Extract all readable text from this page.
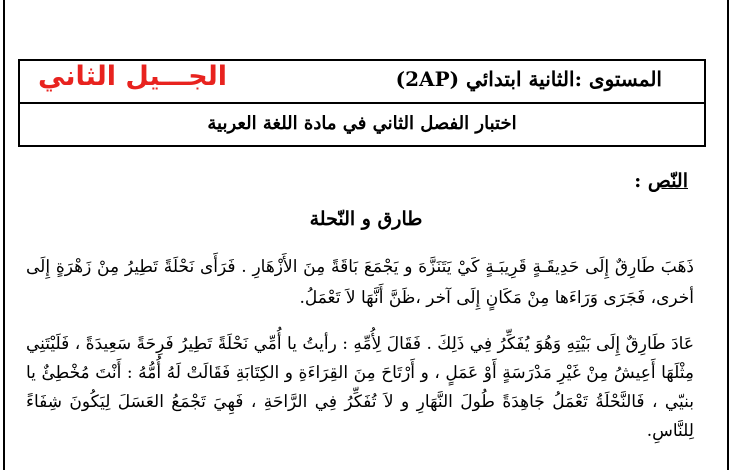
المستوى :الثانية ابتدائي (2AP)
الجـــيل الثاني
اختبار الفصل الثاني في مادة اللغة العربية
النّص :
طارق و النّحلة
ذَهَبَ طَارِقٌ إِلَى حَدِيقَـةٍ قَرِيبَـةٍ كَيْ يَتَنَزَّهَ و يَجْمَعَ بَاقَةً مِنَ الأَزْهَارِ . فَرَأَى نَحْلَةً تَطِيرُ مِنْ زَهْرَةٍ إِلَى أخرى، فَجَرَى وَرَاءَها مِنْ مَكَانٍ إِلَى آخر ،ظَنَّ أَنَّهَا لاَ تَعْمَلُ.
عَادَ طَارِقٌ إِلَى بَيْتِهِ وَهُوَ يُفَكِّرُ فِي ذَلِكَ . فَقَالَ لِأُمِّهِ : رأيتُ يا أُمِّي نَحْلَةً تَطِيرُ فَرِحَةً سَعِيدَةً ، فَلَيْتَنِي مِثْلَهَا أَعِيشُ مِنْ غَيْرِ مَدْرَسَةٍ أَوْ عَمَلٍ ، و أَرْتَاحَ مِنَ القِرَاءَةِ و الكِتَابَةِ فَقَالَتْ لَهُ أُمُّهُ : أَنْتَ مُخْطِئٌ يا بنيّي ، فَالنَّحْلَةُ تَعْمَلُ جَاهِدَةً طُولَ النَّهَارِ و لاَ تُفَكِّرُ فِي الرَّاحَةِ ، فَهِيَ تَجْمَعُ العَسَلَ لِيَكُونَ شِفَاءً لِلنَّاسِ.
